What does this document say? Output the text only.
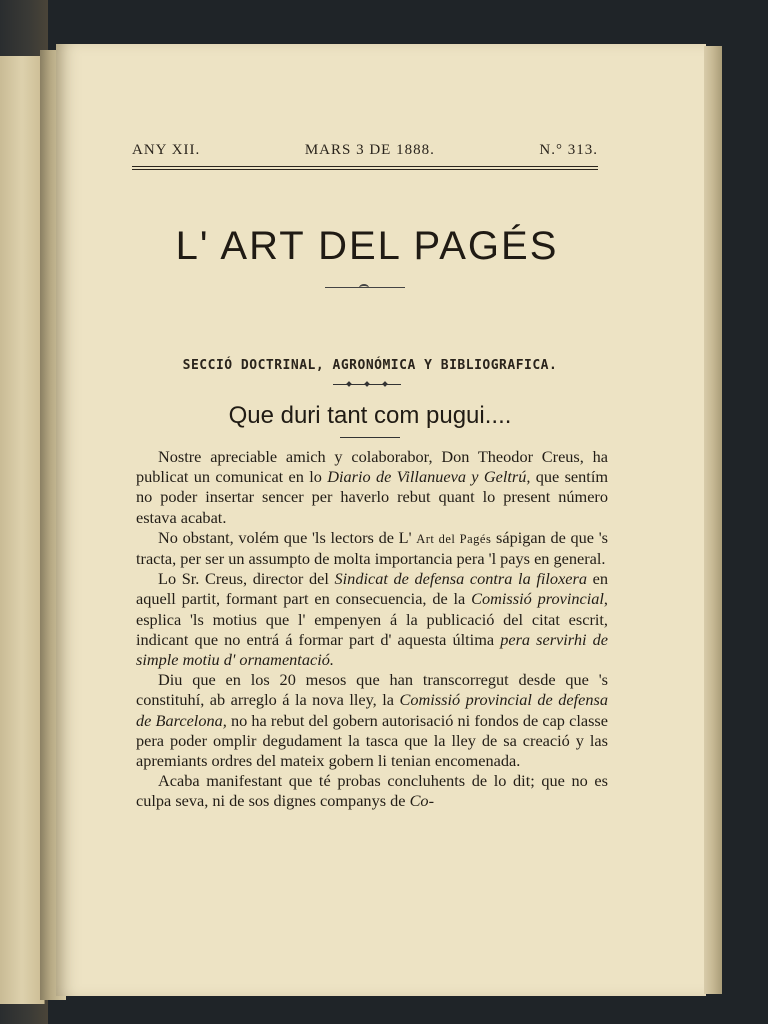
ANY XII.	MARS 3 DE 1888.	N.° 313.
L' ART DEL PAGÉS
SECCIÓ DOCTRINAL, AGRONÓMICA Y BIBLIOGRAFICA.
Que duri tant com pugui....

Nostre apreciable amich y colaborabor, Don Theodor Creus, ha publicat un comunicat en lo Diario de Villanueva y Geltrú, que sentím no poder insertar sencer per haverlo rebut quant lo present número estava acabat.

No obstant, volém que 'ls lectors de L' Art del Pagés sápigan de que 's tracta, per ser un assumpto de molta importancia pera 'l pays en general.

Lo Sr. Creus, director del Sindicat de defensa contra la filoxera en aquell partit, formant part en consecuencia, de la Comissió provincial, esplica 'ls motius que l' empenyen á la publicació del citat escrit, indicant que no entrá á formar part d' aquesta última pera servirhi de simple motiu d' ornamentació.

Diu que en los 20 mesos que han transcorregut desde que 's constituhí, ab arreglo á la nova lley, la Comissió provincial de defensa de Barcelona, no ha rebut del gobern autorisació ni fondos de cap classe pera poder omplir degudament la tasca que la lley de sa creació y las apremiants ordres del mateix gobern li tenian encomenada.

Acaba manifestant que té probas concluhents de lo dit; que no es culpa seva, ni de sos dignes companys de Co-
